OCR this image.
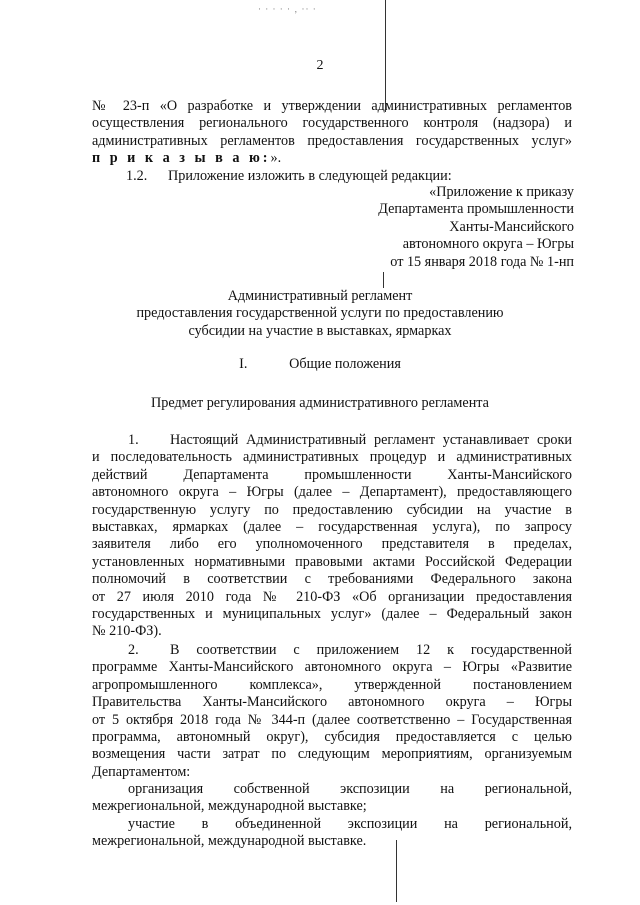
· · · · · ‚ ·· ·
2
№ 23-п «О разработке и утверждении административных регламентов
осуществления регионального государственного контроля (надзора) и
административных регламентов предоставления государственных услуг»
п р и к а з ы в а ю:».
1.2. Приложение изложить в следующей редакции:
«Приложение к приказу
Департамента промышленности
Ханты-Мансийского
автономного округа – Югры
от 15 января 2018 года № 1-нп
Административный регламент
предоставления государственной услуги по предоставлению
субсидии на участие в выставках, ярмарках
I.	Общие положения
Предмет регулирования административного регламента
1. Настоящий Административный регламент устанавливает сроки
и последовательность административных процедур и административных
действий Департамента промышленности Ханты-Мансийского
автономного округа – Югры (далее – Департамент), предоставляющего
государственную услугу по предоставлению субсидии на участие в
выставках, ярмарках (далее – государственная услуга), по запросу
заявителя либо его уполномоченного представителя в пределах,
установленных нормативными правовыми актами Российской Федерации
полномочий в соответствии с требованиями Федерального закона
от 27 июля 2010 года № 210-ФЗ «Об организации предоставления
государственных и муниципальных услуг» (далее – Федеральный закон
№ 210-ФЗ).
2. В соответствии с приложением 12 к государственной
программе Ханты-Мансийского автономного округа – Югры «Развитие
агропромышленного комплекса», утвержденной постановлением
Правительства Ханты-Мансийского автономного округа – Югры
от 5 октября 2018 года № 344-п (далее соответственно – Государственная
программа, автономный округ), субсидия предоставляется с целью
возмещения части затрат по следующим мероприятиям, организуемым
Департаментом:
организация собственной экспозиции на региональной,
межрегиональной, международной выставке;
участие в объединенной экспозиции на региональной,
межрегиональной, международной выставке.
